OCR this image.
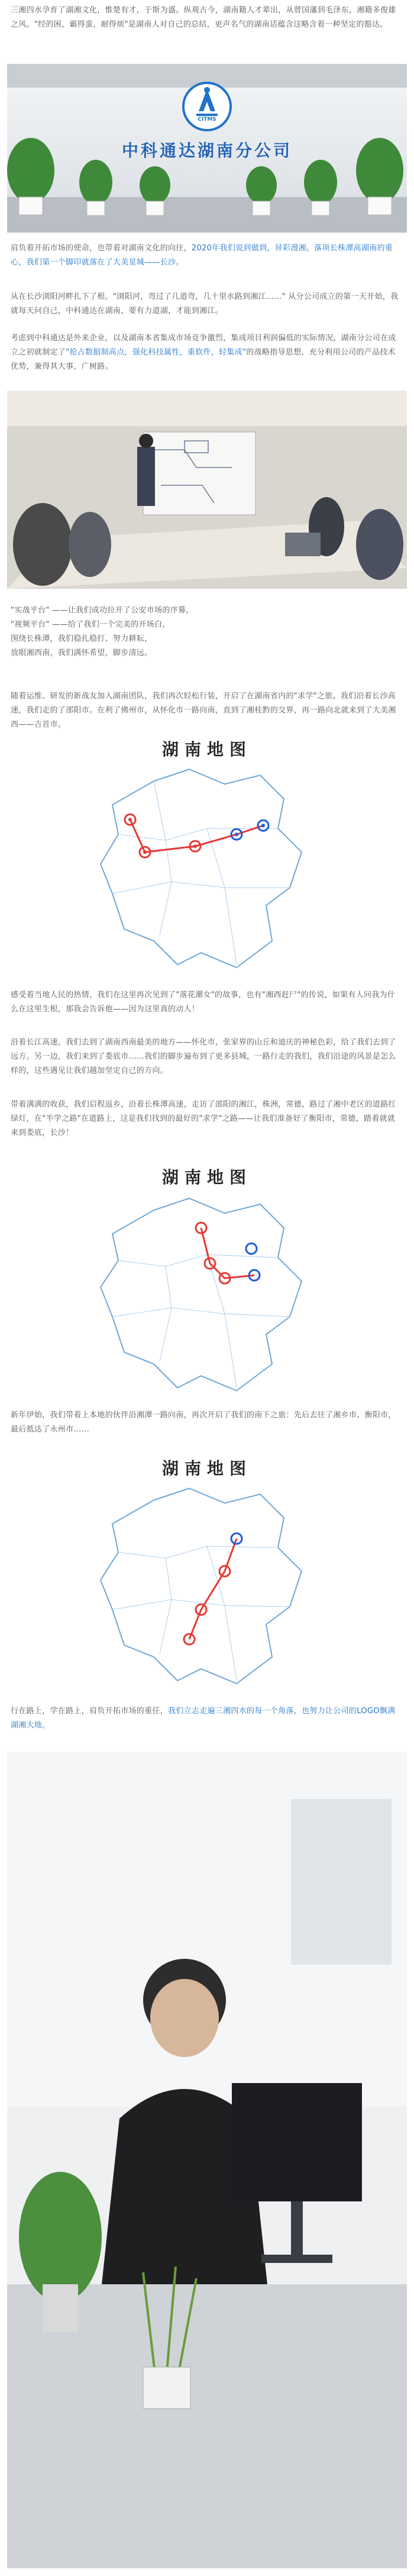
三湘四水孕育了湖湘文化，惟楚有才，于斯为盛。纵观古今，湖南籍人才辈出，从曾国藩到毛泽东，湘籍多俊雄之风。"经的困，霸得蛮，耐得烦"是湖南人对自己的总结，更声名气的湖南话蕴含这略含着一种坚定的豁达。
CITMS
中科通达湖南分公司
肩负着开拓市场的使命，也带着对湖南文化的向往，2020年我们说到做到，异彩漫湘。落项长株潭高湖南的重心，我们第一个脚印就落在了大美星城——长沙。
从在长沙浏阳河畔扎下了根。"浏阳河，弯过了几道弯，几十里水路到湘江……" 从分公司成立的第一天开始，我就每天问自己，中科通达在湖南，要有力道湖，才能到湘江。
考虑到中科通达是外来企业，以及湖南本省集成市场竞争激烈，集成项目利润偏低的实际情况，湖南分公司在成立之初就制定了"抢占数据制高点，强化科技属性，重软件，轻集成"的战略指导思想，充分利用公司的产品技术优势，兼得其大事，广树路。
"实战平台" ——让我们成功拉开了公安市场的序幕，
"视频平台" ——给了我们一个完美的开场白，
围绕长株潭，我们稳扎稳打、努力耕耘，
放眼湘西南，我们满怀希望，脚步清远。
随着运维、研发的新战友加入湖南团队，我们再次轻松行装，开启了在湖南省内的"求学"之旅。我们沿着长沙高速，我们走的了邵阳市。在利了佛州市，从怀化市一路向南，直到了湘桂黔的交界，再一路向北就来到了大美湘西——吉首市。
湖南地图
感受着当地人民的热情，我们在这里再次见到了"落花潮女"的故事，也有"湘西赶尸"的传说，如果有人问我为什么在这里生根，那我会告诉他——因为这里真的动人！
沿着长江高速，我们去到了湖南西南最美的地方——怀化市，张家界的山丘和迪庆的神秘色彩，给了我们去到了远方。另一边，我们来到了娄底市……我们的脚步遍布到了更多县城，一路行走的我们，我们沿途的风景是怎么样的，这些遇见让我们越加坚定自己的方向。
带着满满的收获，我们启程返乡，沿着长株潭高速，走访了邵阳的湘江，株洲，常德，路过了湘中老区的道路红绿灯，在"半学之路"在道路上，这是我们找到的最好的"求学"之路——让我们准备好了衡阳市，常德，踏着就就来到娄底，长沙！
湖南地图
新年伊始，我们带着上本地的伙伴沿湘潭一路向南，再次开启了我们的南下之旅：先后去往了湘乡市、衡阳市，最后抵达了永州市……
湖南地图
行在路上，学在路上，肩负开拓市场的重任，我们立志走遍三湘四水的每一个角落，也努力让公司的LOGO飘满湖湘大地。
